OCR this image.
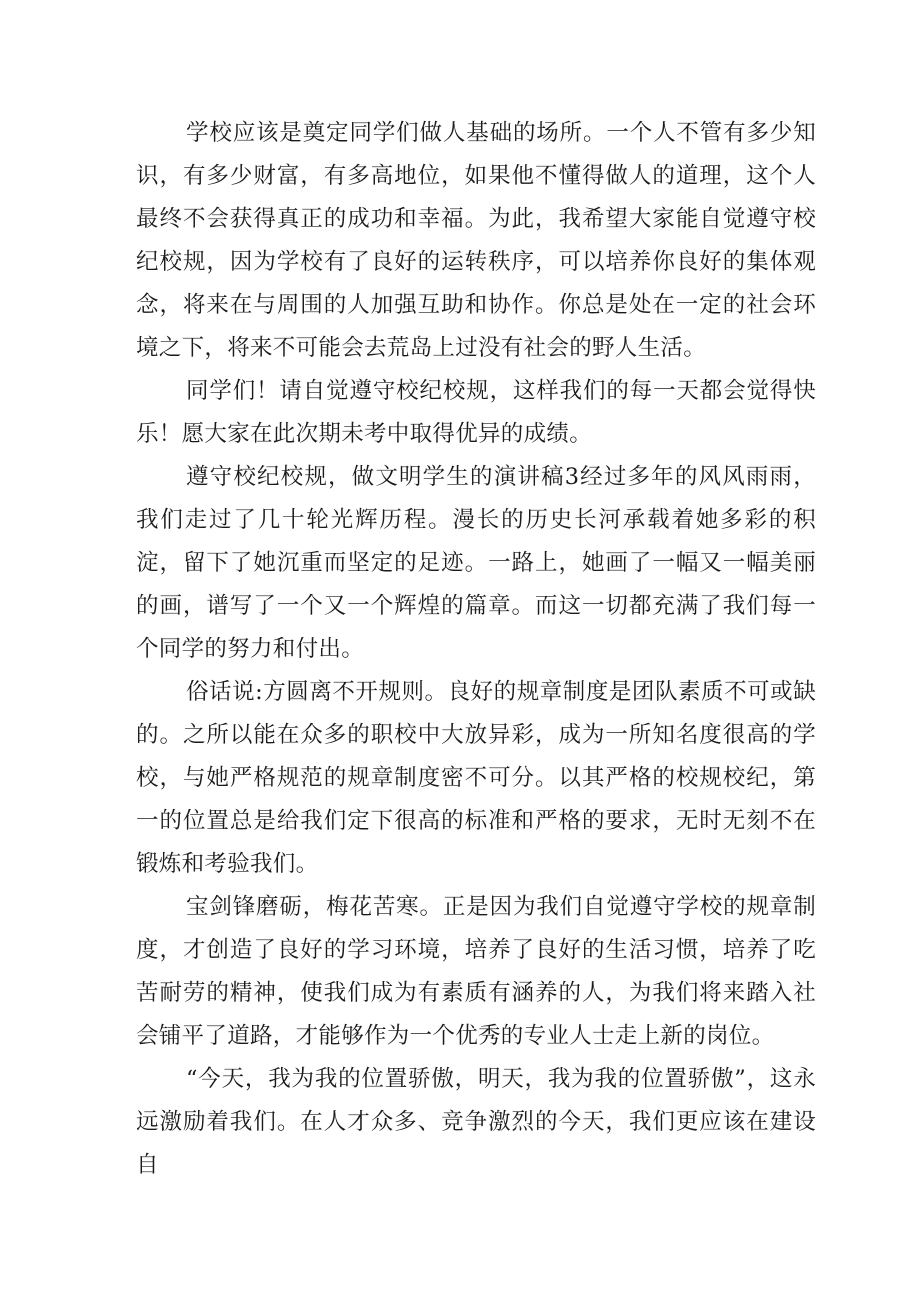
学校应该是奠定同学们做人基础的场所。一个人不管有多少知识，有多少财富，有多高地位，如果他不懂得做人的道理，这个人最终不会获得真正的成功和幸福。为此，我希望大家能自觉遵守校纪校规，因为学校有了良好的运转秩序，可以培养你良好的集体观念，将来在与周围的人加强互助和协作。你总是处在一定的社会环境之下，将来不可能会去荒岛上过没有社会的野人生活。

同学们！请自觉遵守校纪校规，这样我们的每一天都会觉得快乐！愿大家在此次期未考中取得优异的成绩。

遵守校纪校规，做文明学生的演讲稿3经过多年的风风雨雨，我们走过了几十轮光辉历程。漫长的历史长河承载着她多彩的积淀，留下了她沉重而坚定的足迹。一路上，她画了一幅又一幅美丽的画，谱写了一个又一个辉煌的篇章。而这一切都充满了我们每一个同学的努力和付出。

俗话说:方圆离不开规则。良好的规章制度是团队素质不可或缺的。之所以能在众多的职校中大放异彩，成为一所知名度很高的学校，与她严格规范的规章制度密不可分。以其严格的校规校纪，第一的位置总是给我们定下很高的标准和严格的要求，无时无刻不在锻炼和考验我们。

宝剑锋磨砺，梅花苦寒。正是因为我们自觉遵守学校的规章制度，才创造了良好的学习环境，培养了良好的生活习惯，培养了吃苦耐劳的精神，使我们成为有素质有涵养的人，为我们将来踏入社会铺平了道路，才能够作为一个优秀的专业人士走上新的岗位。

“今天，我为我的位置骄傲，明天，我为我的位置骄傲”，这永远激励着我们。在人才众多、竞争激烈的今天，我们更应该在建设自
